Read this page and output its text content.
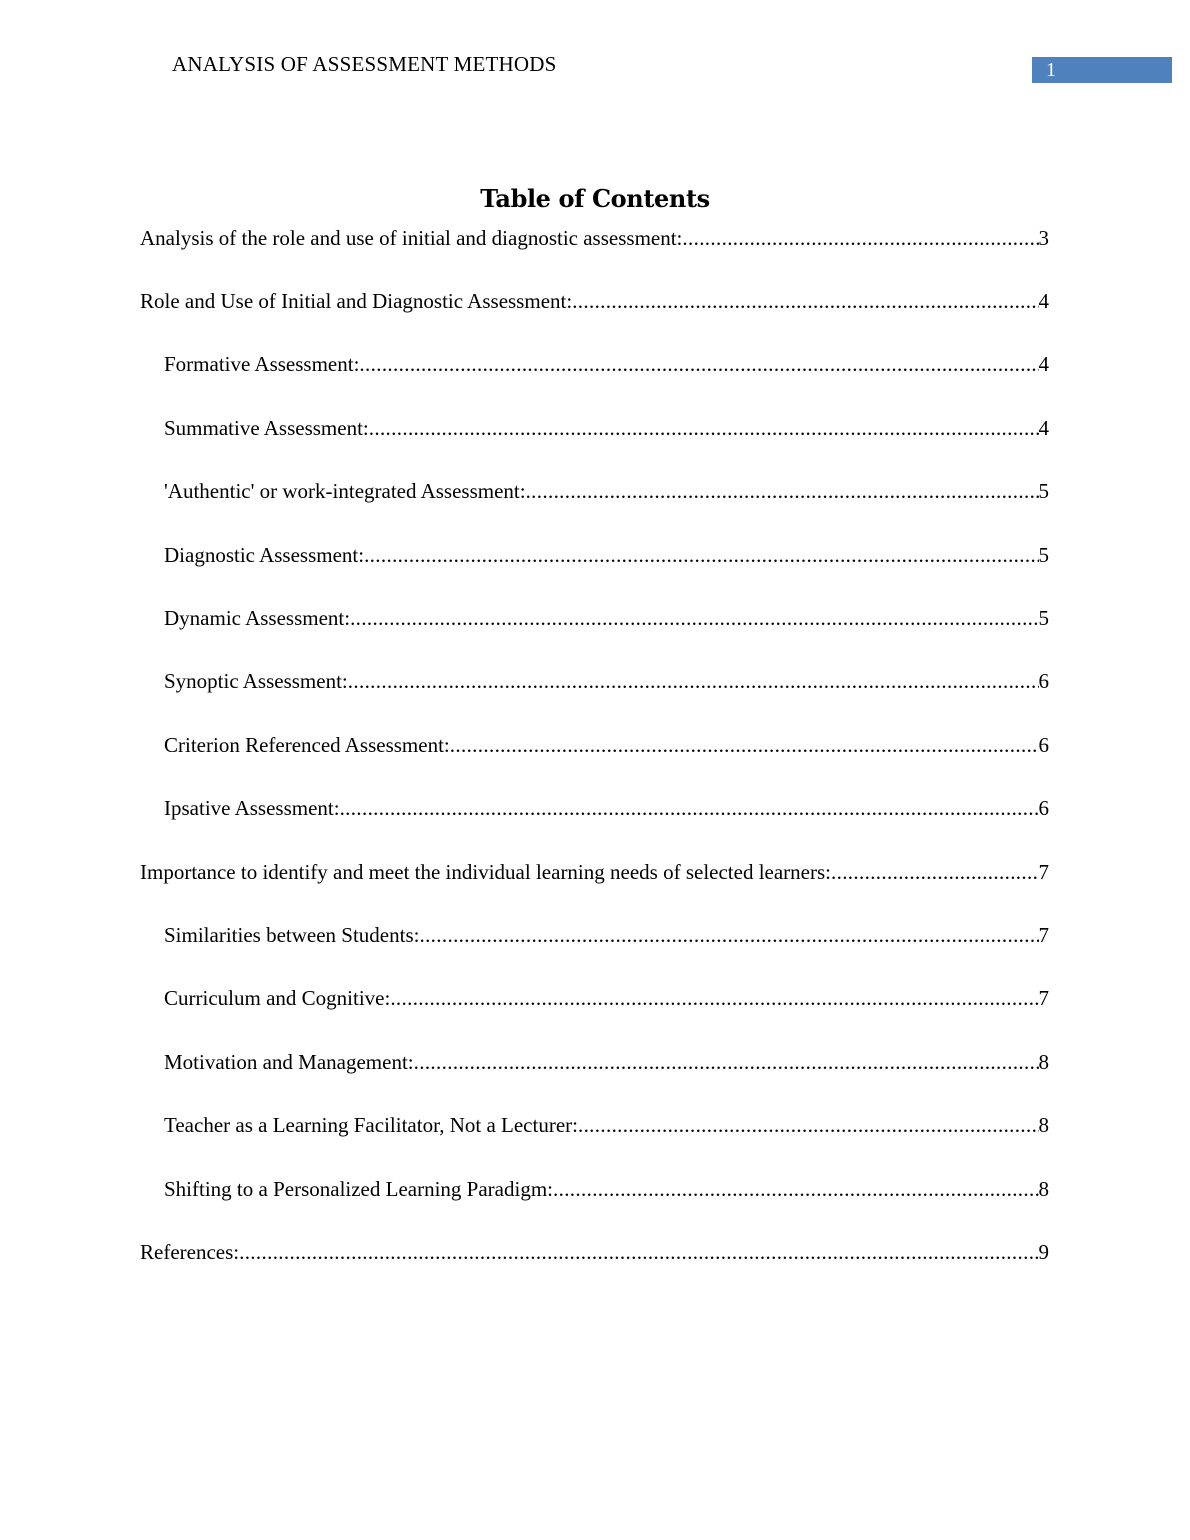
ANALYSIS OF ASSESSMENT METHODS	1
Table of Contents
Analysis of the role and use of initial and diagnostic assessment: .....	3
Role and Use of Initial and Diagnostic Assessment: .....	4
Formative Assessment: .....	4
Summative Assessment: .....	4
'Authentic' or work-integrated Assessment: .....	5
Diagnostic Assessment: .....	5
Dynamic Assessment: .....	5
Synoptic Assessment: .....	6
Criterion Referenced Assessment: .....	6
Ipsative Assessment: .....	6
Importance to identify and meet the individual learning needs of selected learners: .....	7
Similarities between Students: .....	7
Curriculum and Cognitive: .....	7
Motivation and Management: .....	8
Teacher as a Learning Facilitator, Not a Lecturer: .....	8
Shifting to a Personalized Learning Paradigm: .....	8
References: .....	9
